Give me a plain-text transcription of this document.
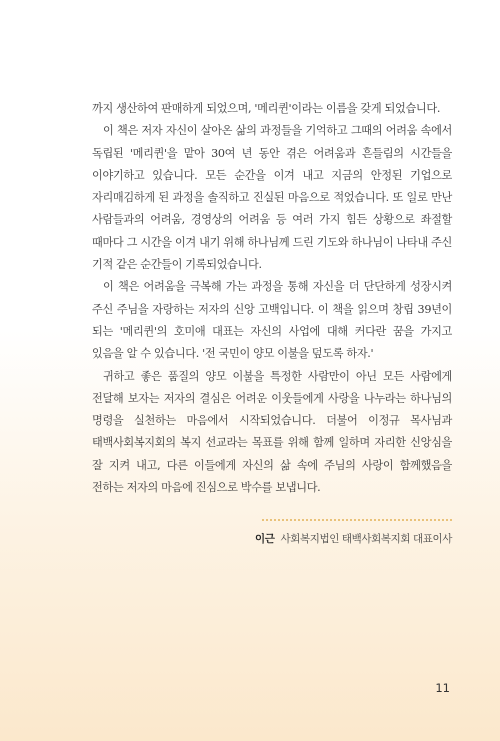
까지 생산하여 판매하게 되었으며, '메리퀸'이라는 이름을 갖게 되었습니다.

이 책은 저자 자신이 살아온 삶의 과정들을 기억하고 그때의 어려움 속에서 독립된 '메리퀸'을 맡아 30여 년 동안 겪은 어려움과 흔들림의 시간들을 이야기하고 있습니다. 모든 순간을 이겨 내고 지금의 안정된 기업으로 자리매김하게 된 과정을 솔직하고 진실된 마음으로 적었습니다. 또 일로 만난 사람들과의 어려움, 경영상의 어려움 등 여러 가지 힘든 상황으로 좌절할 때마다 그 시간을 이겨 내기 위해 하나님께 드린 기도와 하나님이 나타내 주신 기적 같은 순간들이 기록되었습니다.

이 책은 어려움을 극복해 가는 과정을 통해 자신을 더 단단하게 성장시켜 주신 주님을 자랑하는 저자의 신앙 고백입니다. 이 책을 읽으며 창립 39년이 되는 '메리퀸'의 호미애 대표는 자신의 사업에 대해 커다란 꿈을 가지고 있음을 알 수 있습니다. '전 국민이 양모 이불을 덮도록 하자.'

귀하고 좋은 품질의 양모 이불을 특정한 사람만이 아닌 모든 사람에게 전달해 보자는 저자의 결심은 어려운 이웃들에게 사랑을 나누라는 하나님의 명령을 실천하는 마음에서 시작되었습니다. 더불어 이정규 목사님과 태백사회복지회의 복지 선교라는 목표를 위해 함께 일하며 자리한 신앙심을 잘 지켜 내고, 다른 이들에게 자신의 삶 속에 주님의 사랑이 함께했음을 전하는 저자의 마음에 진심으로 박수를 보냅니다.

이근 사회복지법인 태백사회복지회 대표이사
11
